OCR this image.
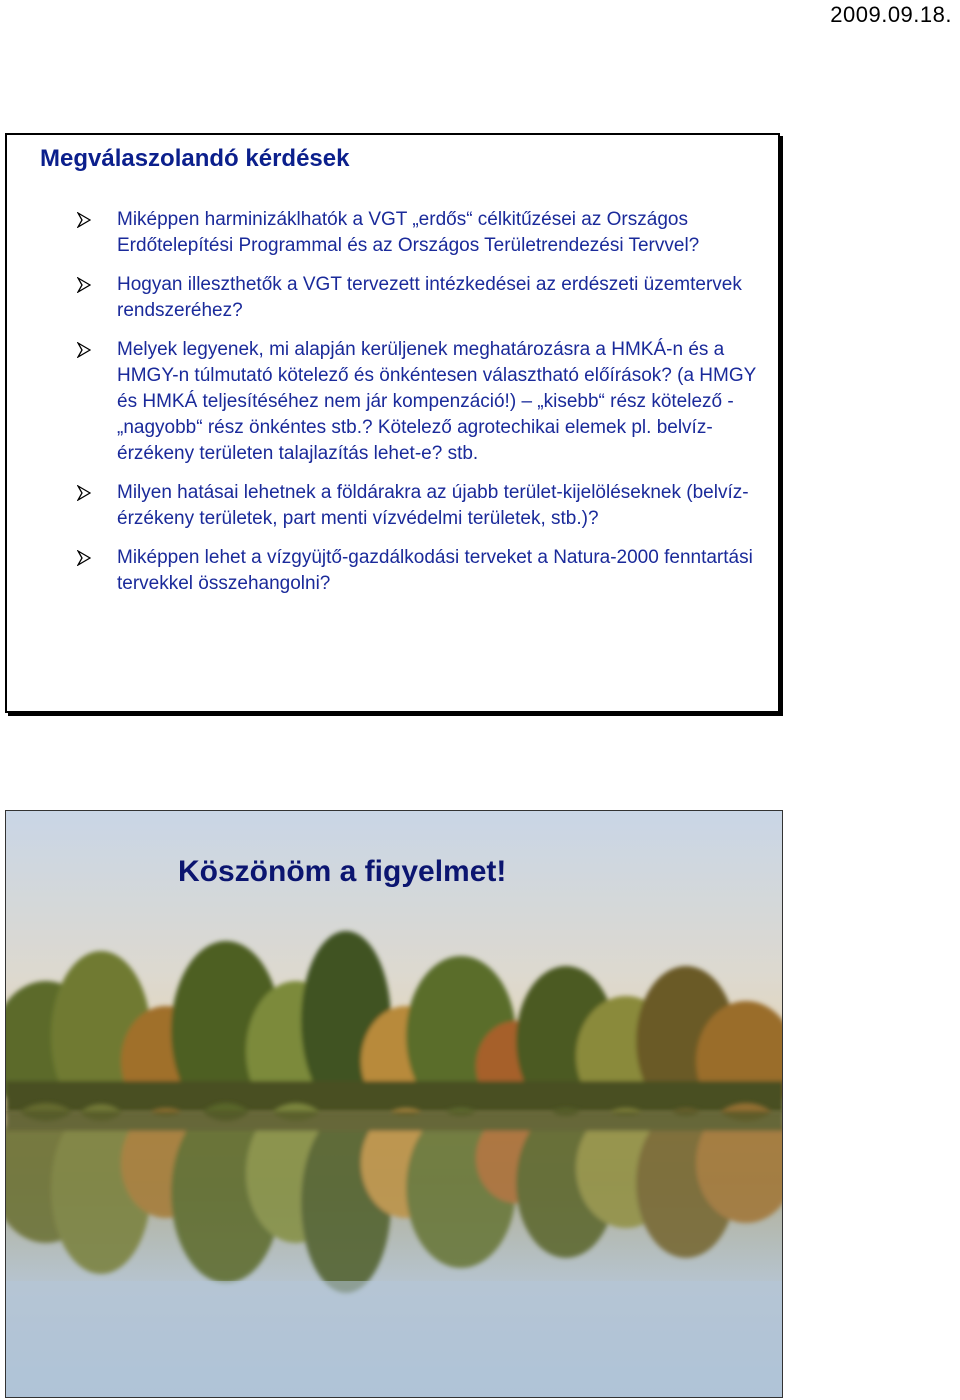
2009.09.18.
Megválaszolandó kérdések
Miképpen harminizáklhatók a VGT „erdős“ célkitűzései az Országos Erdőtelepítési Programmal és az Országos Területrendezési Tervvel?
Hogyan illeszthetők a VGT tervezett intézkedései az erdészeti üzemtervek rendszeréhez?
Melyek legyenek, mi alapján kerüljenek meghatározásra a HMKÁ-n és a HMGY-n túlmutató kötelező és önkéntesen választható előírások? (a HMGY és HMKÁ teljesítéséhez nem jár kompenzáció!) – „kisebb“ rész kötelező - „nagyobb“ rész önkéntes stb.? Kötelező agrotechikai elemek pl. belvíz-érzékeny területen talajlazítás lehet-e? stb.
Milyen hatásai lehetnek a földárakra az újabb terület-kijelöléseknek (belvíz-érzékeny területek, part menti vízvédelmi területek, stb.)?
Miképpen lehet a vízgyüjtő-gazdálkodási terveket a Natura-2000 fenntartási tervekkel összehangolni?
Köszönöm a figyelmet!
